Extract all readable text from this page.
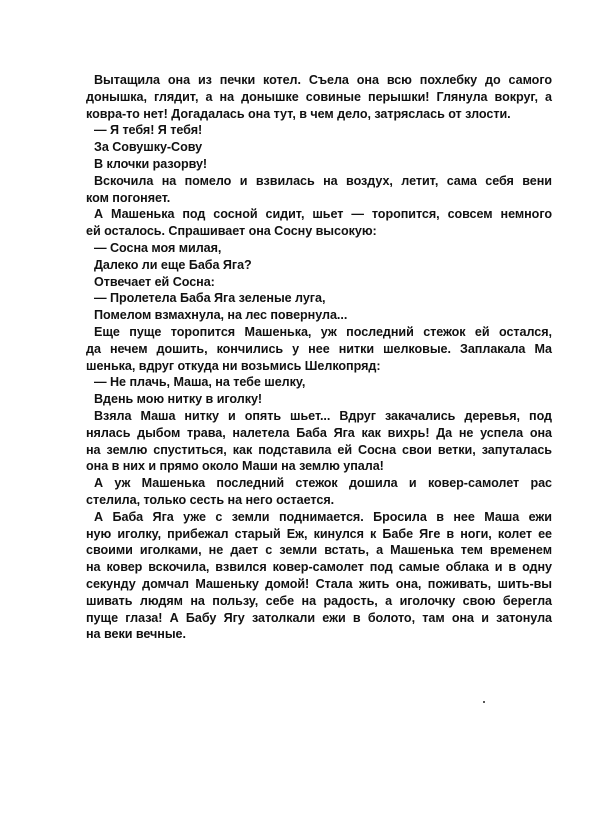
Вытащила она из печки котел. Съела она всю похлебку до самого
донышка, глядит, а на донышке совиные перышки! Глянула вокруг, а
ковра-то нет! Догадалась она тут, в чем дело, затряслась от злости.
— Я тебя! Я тебя!
За Совушку-Сову
В клочки разорву!
Вскочила на помело и взвилась на воздух, летит, сама себя вени
ком погоняет.
А Машенька под сосной сидит, шьет — торопится, совсем немного
ей осталось. Спрашивает она Сосну высокую:
— Сосна моя милая,
Далеко ли еще Баба Яга?
Отвечает ей Сосна:
— Пролетела Баба Яга зеленые луга,
Помелом взмахнула, на лес повернула...
Еще пуще торопится Машенька, уж последний стежок ей остался,
да нечем дошить, кончились у нее нитки шелковые. Заплакала Ма
шенька, вдруг откуда ни возьмись Шелкопряд:
— Не плачь, Маша, на тебе шелку,
Вдень мою нитку в иголку!
Взяла Маша нитку и опять шьет... Вдруг закачались деревья, под
нялась дыбом трава, налетела Баба Яга как вихрь! Да не успела она
на землю спуститься, как подставила ей Сосна свои ветки, запуталась
она в них и прямо около Маши на землю упала!
А уж Машенька последний стежок дошила и ковер-самолет рас
стелила, только сесть на него остается.
А Баба Яга уже с земли поднимается. Бросила в нее Маша ежи
ную иголку, прибежал старый Еж, кинулся к Бабе Яге в ноги, колет ее
своими иголками, не дает с земли встать, а Машенька тем временем
на ковер вскочила, взвился ковер-самолет под самые облака и в одну
секунду домчал Машеньку домой! Стала жить она, поживать, шить-вы
шивать людям на пользу, себе на радость, а иголочку свою берегла
пуще глаза! А Бабу Ягу затолкали ежи в болото, там она и затонула
на веки вечные.
